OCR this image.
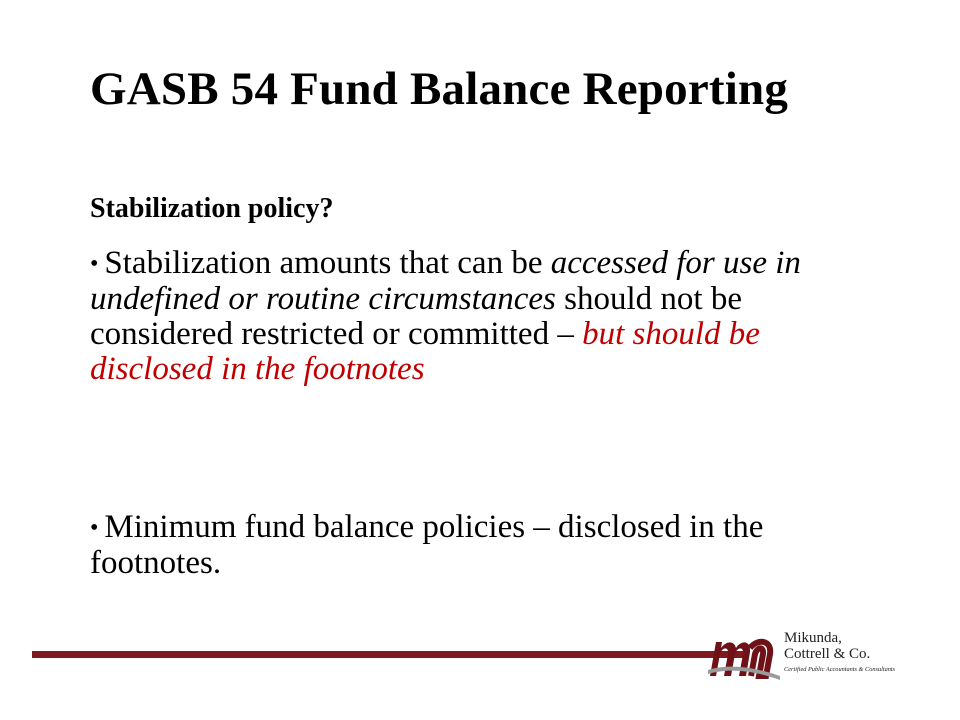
GASB 54 Fund Balance Reporting

Stabilization policy?

• Stabilization amounts that can be accessed for use in undefined or routine circumstances should not be considered restricted or committed – but should be disclosed in the footnotes

• Minimum fund balance policies – disclosed in the footnotes.

Mikunda,
Cottrell & Co.

Certified Public Accountants & Consultants
